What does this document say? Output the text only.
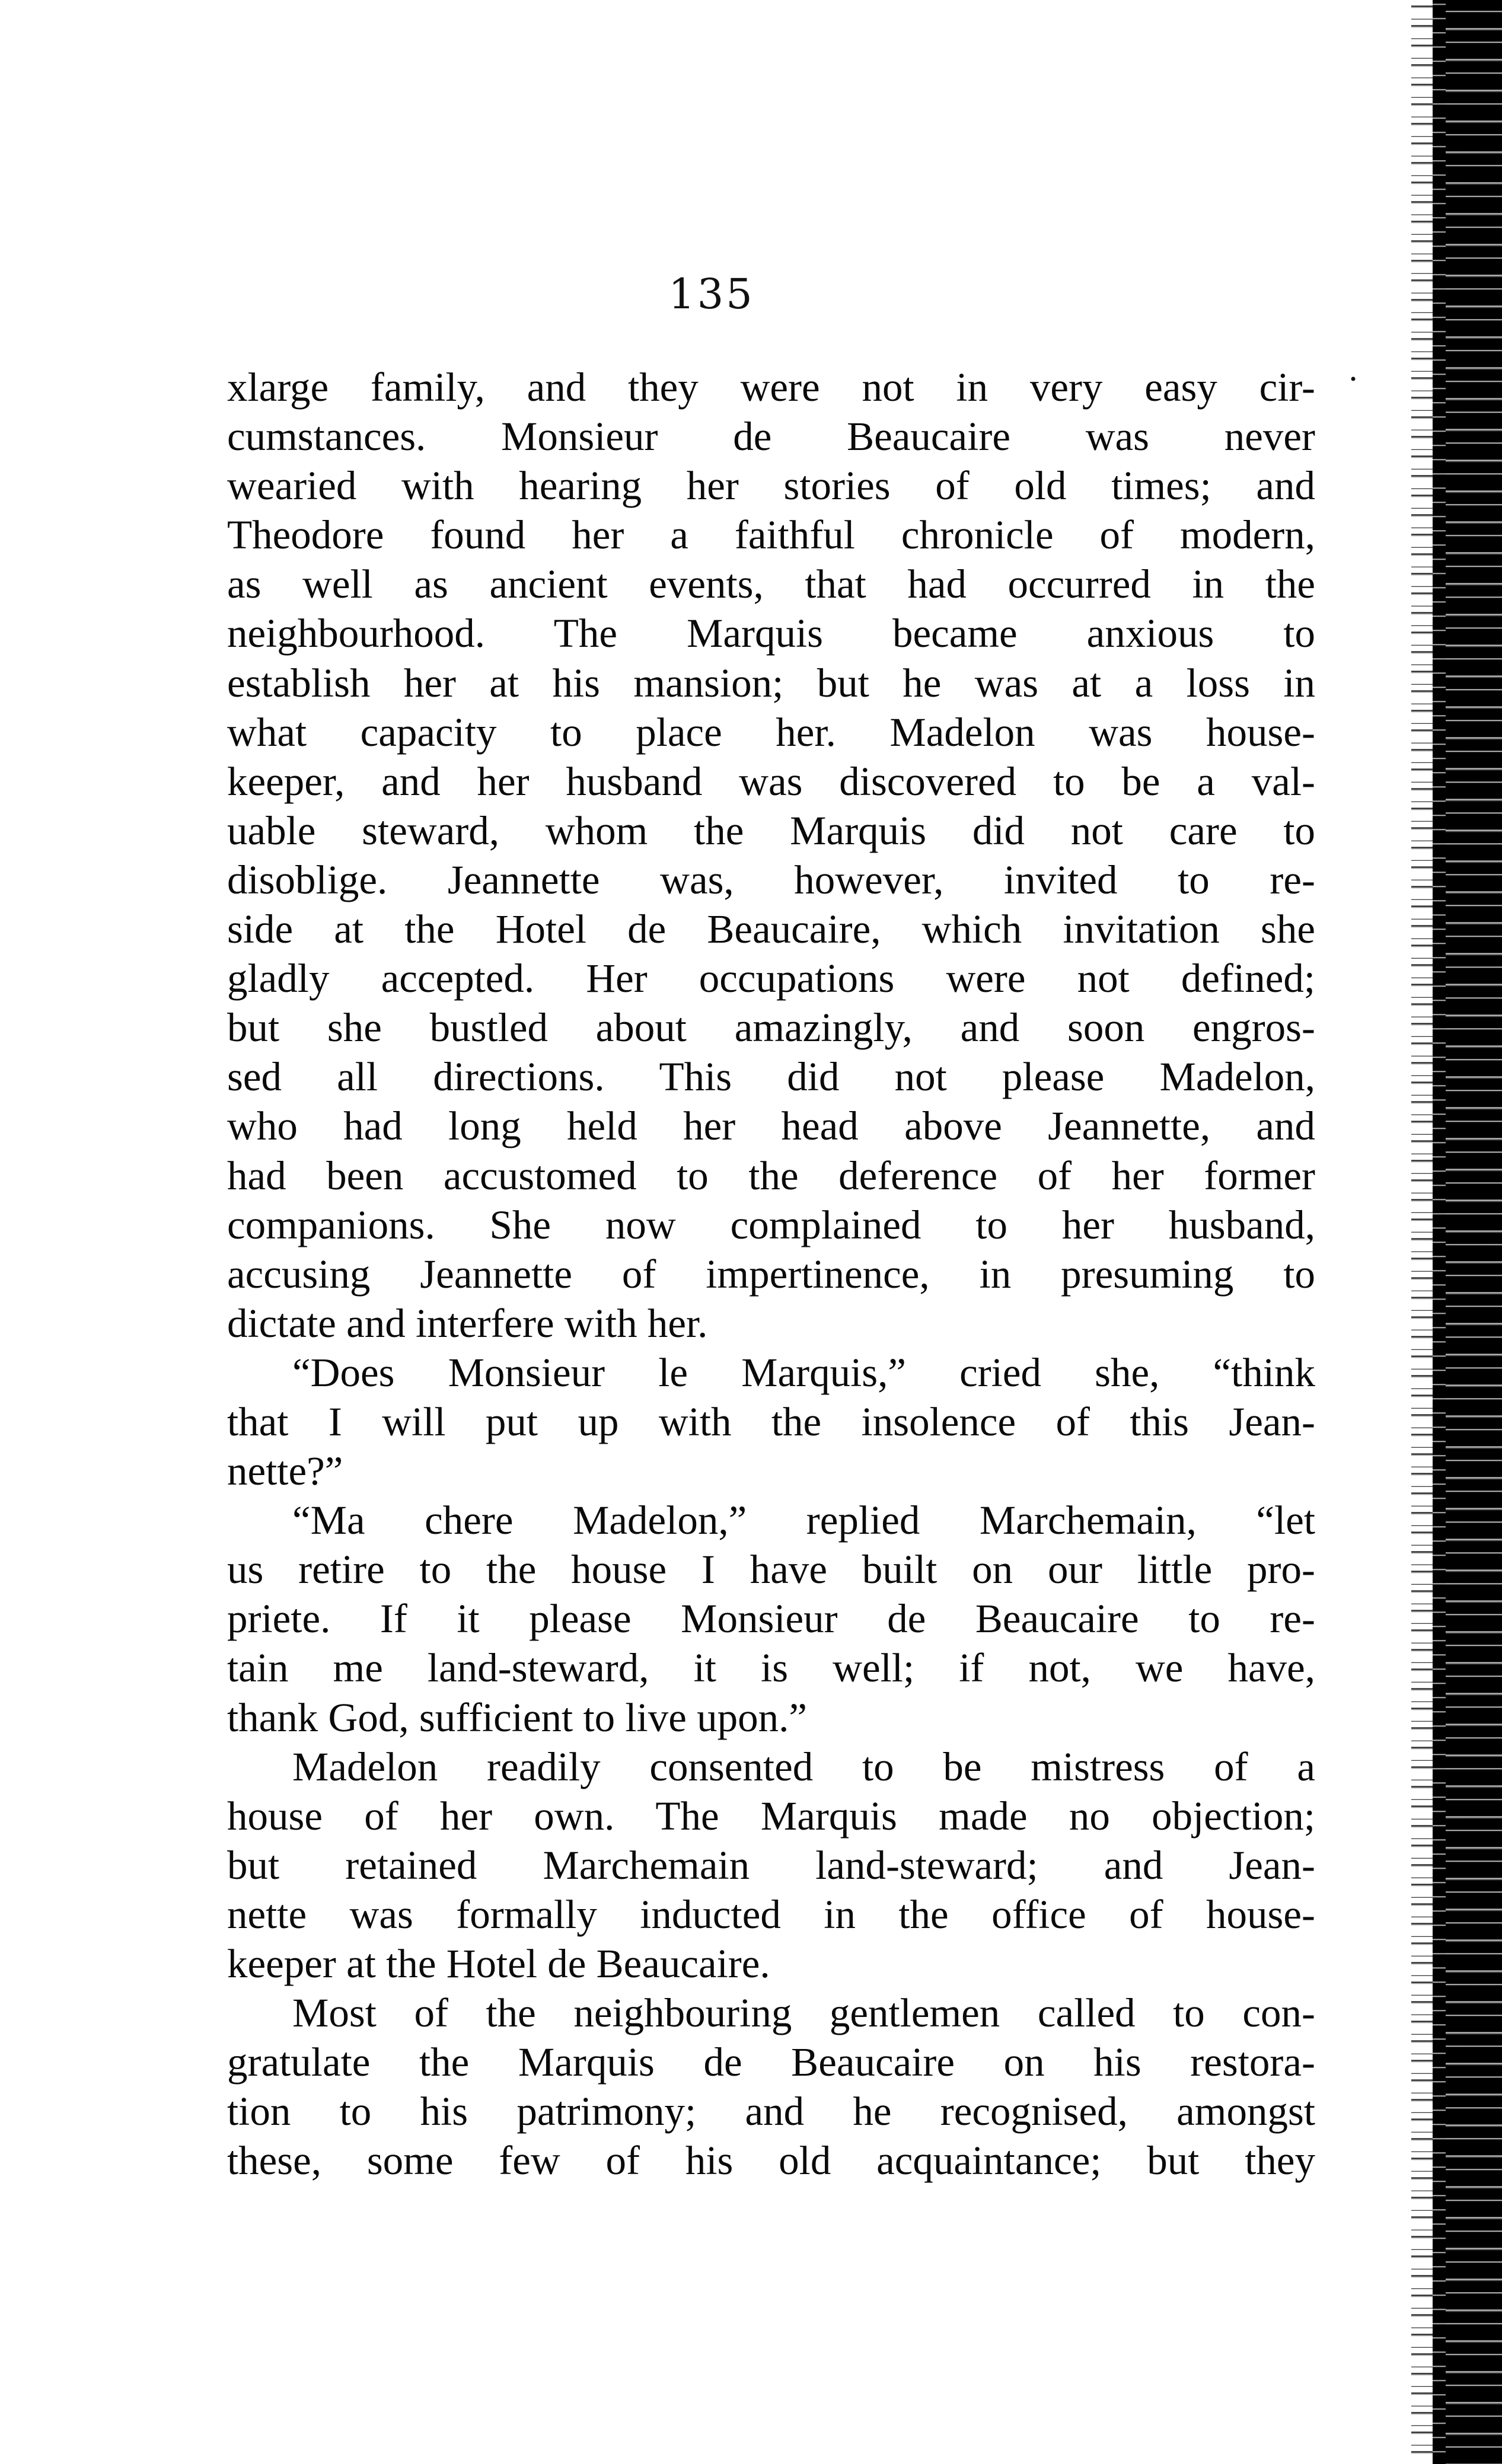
135
•
xlarge family, and they were not in very easy cir-
cumstances. Monsieur de Beaucaire was never
wearied with hearing her stories of old times; and
Theodore found her a faithful chronicle of modern,
as well as ancient events, that had occurred in the
neighbourhood. The Marquis became anxious to
establish her at his mansion; but he was at a loss in
what capacity to place her. Madelon was house-
keeper, and her husband was discovered to be a val-
uable steward, whom the Marquis did not care to
disoblige. Jeannette was, however, invited to re-
side at the Hotel de Beaucaire, which invitation she
gladly accepted. Her occupations were not defined;
but she bustled about amazingly, and soon engros-
sed all directions. This did not please Madelon,
who had long held her head above Jeannette, and
had been accustomed to the deference of her former
companions. She now complained to her husband,
accusing Jeannette of impertinence, in presuming to
dictate and interfere with her.
“Does Monsieur le Marquis,” cried she, “think
that I will put up with the insolence of this Jean-
nette?”
“Ma chere Madelon,” replied Marchemain, “let
us retire to the house I have built on our little pro-
priete. If it please Monsieur de Beaucaire to re-
tain me land-steward, it is well; if not, we have,
thank God, sufficient to live upon.”
Madelon readily consented to be mistress of a
house of her own. The Marquis made no objection;
but retained Marchemain land-steward; and Jean-
nette was formally inducted in the office of house-
keeper at the Hotel de Beaucaire.
Most of the neighbouring gentlemen called to con-
gratulate the Marquis de Beaucaire on his restora-
tion to his patrimony; and he recognised, amongst
these, some few of his old acquaintance; but they
